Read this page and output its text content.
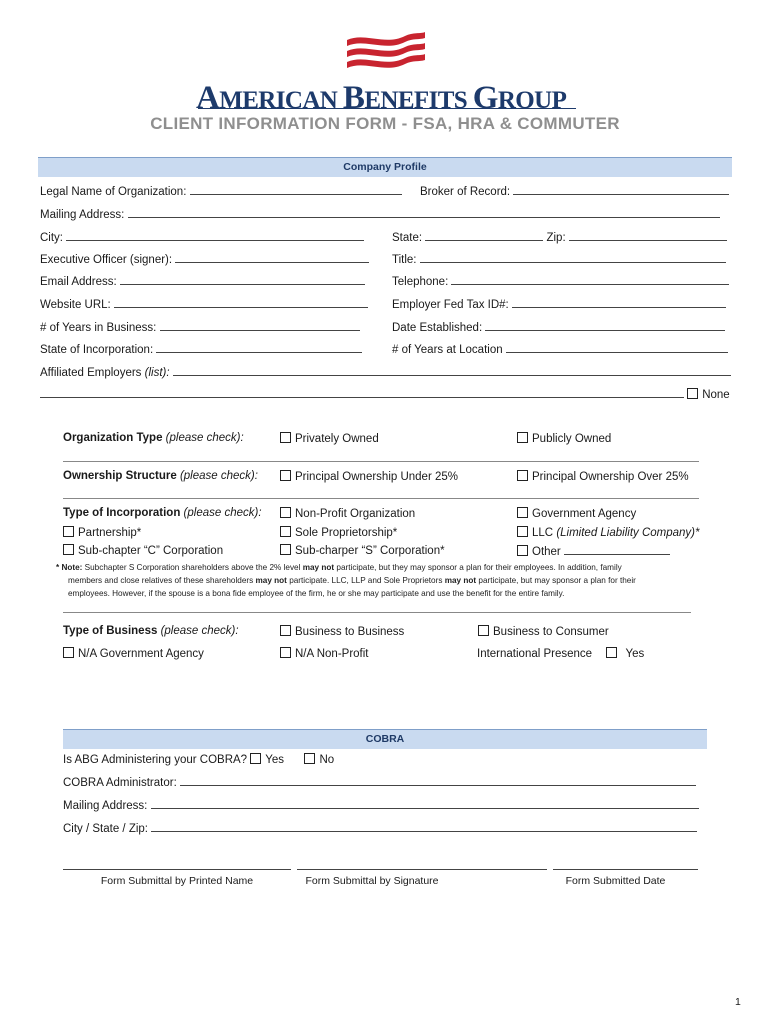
AMERICAN BENEFITS GROUP
CLIENT INFORMATION FORM - FSA, HRA & COMMUTER
Company Profile
Legal Name of Organization:	Broker of Record:
Mailing Address:
City:	State:	Zip:
Executive Officer (signer):	Title:
Email Address:	Telephone:
Website URL:	Employer Fed Tax ID#:
# of Years in Business:	Date Established:
State of Incorporation:	# of Years at Location
Affiliated Employers (list):
None
Organization Type (please check):	Privately Owned	Publicly Owned
Ownership Structure (please check):	Principal Ownership Under 25%	Principal Ownership Over 25%
Type of Incorporation (please check):	Non-Profit Organization	Government Agency
Partnership*	Sole Proprietorship*	LLC (Limited Liability Company)*
Sub-chapter “C” Corporation	Sub-charper “S” Corporation*	Other
* Note: Subchapter S Corporation shareholders above the 2% level may not participate, but they may sponsor a plan for their employees. In addition, family
members and close relatives of these shareholders may not participate. LLC, LLP and Sole Proprietors may not participate, but may sponsor a plan for their
employees. However, if the spouse is a bona fide employee of the firm, he or she may participate and use the benefit for the entire family.
Type of Business (please check):	Business to Business	Business to Consumer
N/A Government Agency	N/A Non-Profit	International Presence	Yes
COBRA
Is ABG Administering your COBRA? Yes	No
COBRA Administrator:
Mailing Address:
City / State / Zip:
Form Submittal by Printed Name	Form Submittal by Signature	Form Submitted Date
1
